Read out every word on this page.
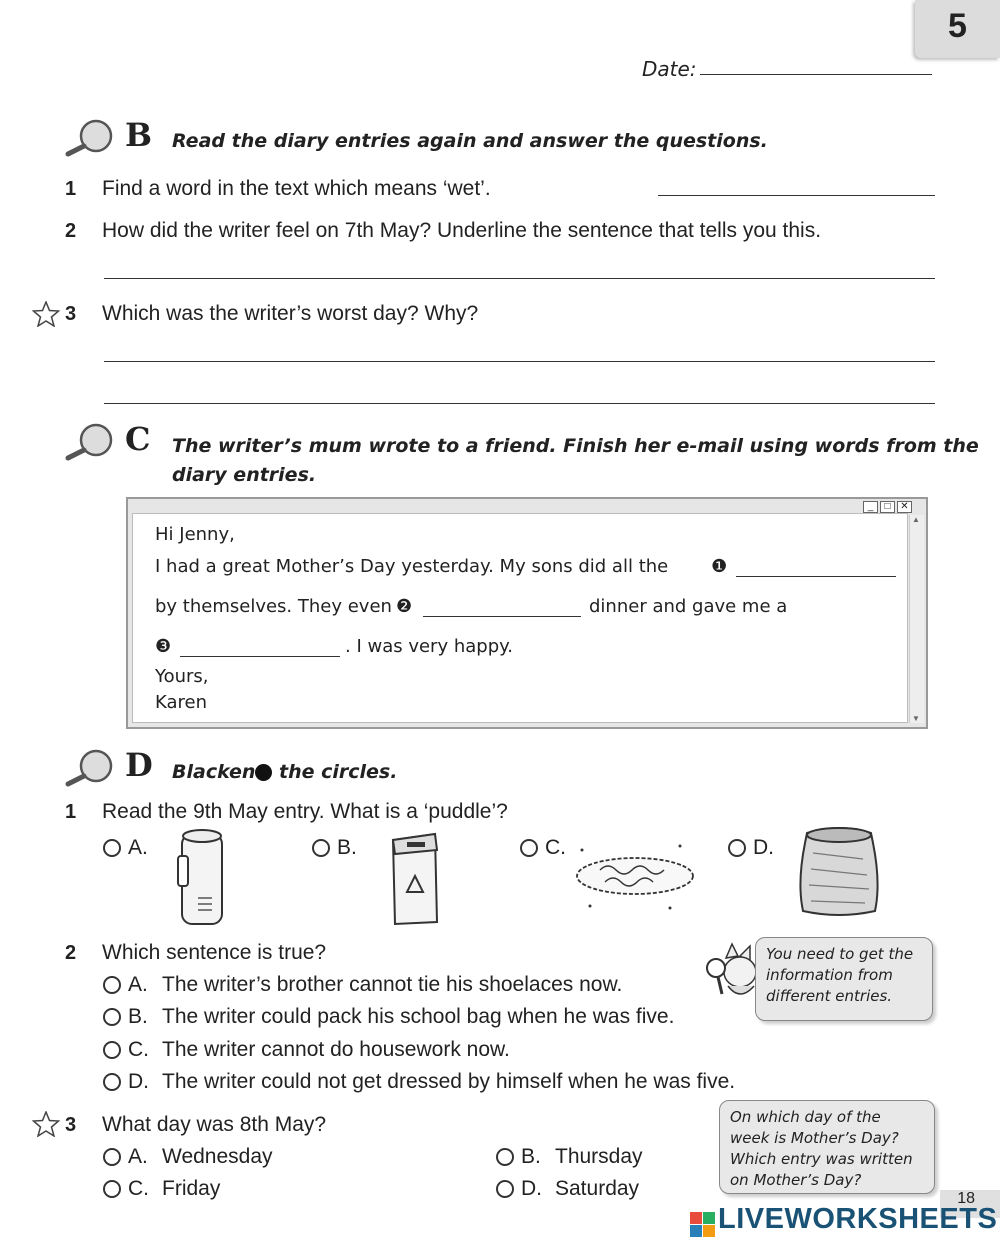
5
Date:
B Read the diary entries again and answer the questions.
1 Find a word in the text which means ‘wet’.
2 How did the writer feel on 7th May? Underline the sentence that tells you this.
3 Which was the writer’s worst day? Why?
C The writer’s mum wrote to a friend. Finish her e-mail using words from the
diary entries.
_	□ ✕
▲
▼
Hi Jenny,
I had a great Mother’s Day yesterday. My sons did all the ❶
by themselves. They even ❷	dinner and gave me a
❸	. I was very happy.
Yours,
Karen
D Blacken the circles.
1 Read the 9th May entry. What is a ‘puddle’?
A.	B.	C.	D.
2 Which sentence is true?
A. The writer’s brother cannot tie his shoelaces now.
B. The writer could pack his school bag when he was five.
C. The writer cannot do housework now.
D. The writer could not get dressed by himself when he was five.
You need to get the information from different entries.
3 What day was 8th May?
A. Wednesday	B. Thursday
C. Friday	D. Saturday
On which day of the week is Mother’s Day? Which entry was written on Mother’s Day?
18
LIVEWORKSHEETS
